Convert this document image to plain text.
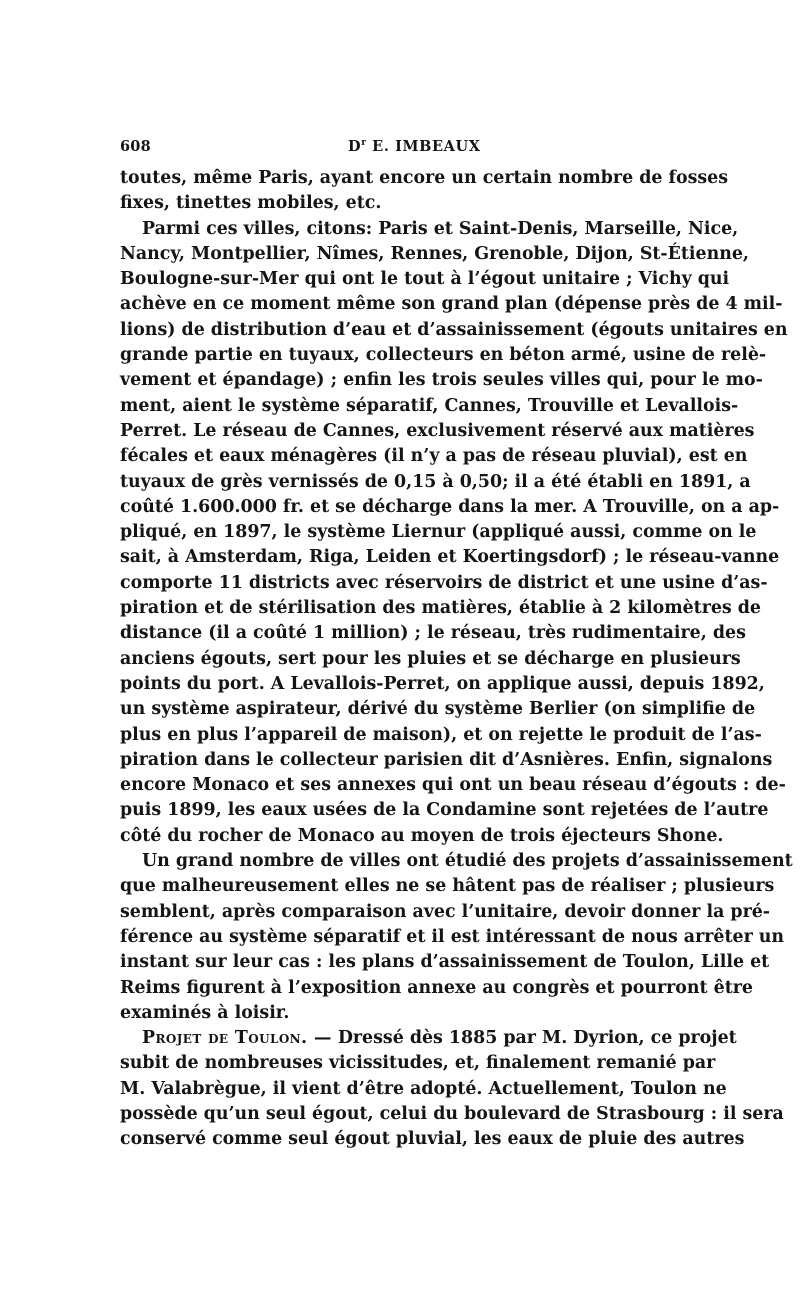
608	$D^r$ E. IMBEAUX
toutes, même Paris, ayant encore un certain nombre de fosses
fixes, tinettes mobiles, etc.
Parmi ces villes, citons: Paris et Saint-Denis, Marseille, Nice,
Nancy, Montpellier, Nîmes, Rennes, Grenoble, Dijon, St-Étienne,
Boulogne-sur-Mer qui ont le tout à l’égout unitaire ; Vichy qui
achève en ce moment même son grand plan (dépense près de 4 mil-
lions) de distribution d’eau et d’assainissement (égouts unitaires en
grande partie en tuyaux, collecteurs en béton armé, usine de relè-
vement et épandage) ; enfin les trois seules villes qui, pour le mo-
ment, aient le système séparatif, Cannes, Trouville et Levallois-
Perret. Le réseau de Cannes, exclusivement réservé aux matières
fécales et eaux ménagères (il n’y a pas de réseau pluvial), est en
tuyaux de grès vernissés de 0,15 à 0,50; il a été établi en 1891, a
coûté 1.600.000 fr. et se décharge dans la mer. A Trouville, on a ap-
pliqué, en 1897, le système Liernur (appliqué aussi, comme on le
sait, à Amsterdam, Riga, Leiden et Koertingsdorf) ; le réseau-vanne
comporte 11 districts avec réservoirs de district et une usine d’as-
piration et de stérilisation des matières, établie à 2 kilomètres de
distance (il a coûté 1 million) ; le réseau, très rudimentaire, des
anciens égouts, sert pour les pluies et se décharge en plusieurs
points du port. A Levallois-Perret, on applique aussi, depuis 1892,
un système aspirateur, dérivé du système Berlier (on simplifie de
plus en plus l’appareil de maison), et on rejette le produit de l’as-
piration dans le collecteur parisien dit d’Asnières. Enfin, signalons
encore Monaco et ses annexes qui ont un beau réseau d’égouts : de-
puis 1899, les eaux usées de la Condamine sont rejetées de l’autre
côté du rocher de Monaco au moyen de trois éjecteurs Shone.
Un grand nombre de villes ont étudié des projets d’assainissement
que malheureusement elles ne se hâtent pas de réaliser ; plusieurs
semblent, après comparaison avec l’unitaire, devoir donner la pré-
férence au système séparatif et il est intéressant de nous arrêter un
instant sur leur cas : les plans d’assainissement de Toulon, Lille et
Reims figurent à l’exposition annexe au congrès et pourront être
examinés à loisir.
Projet de Toulon. — Dressé dès 1885 par M. Dyrion, ce projet
subit de nombreuses vicissitudes, et, finalement remanié par
M. Valabrègue, il vient d’être adopté. Actuellement, Toulon ne
possède qu’un seul égout, celui du boulevard de Strasbourg : il sera
conservé comme seul égout pluvial, les eaux de pluie des autres
